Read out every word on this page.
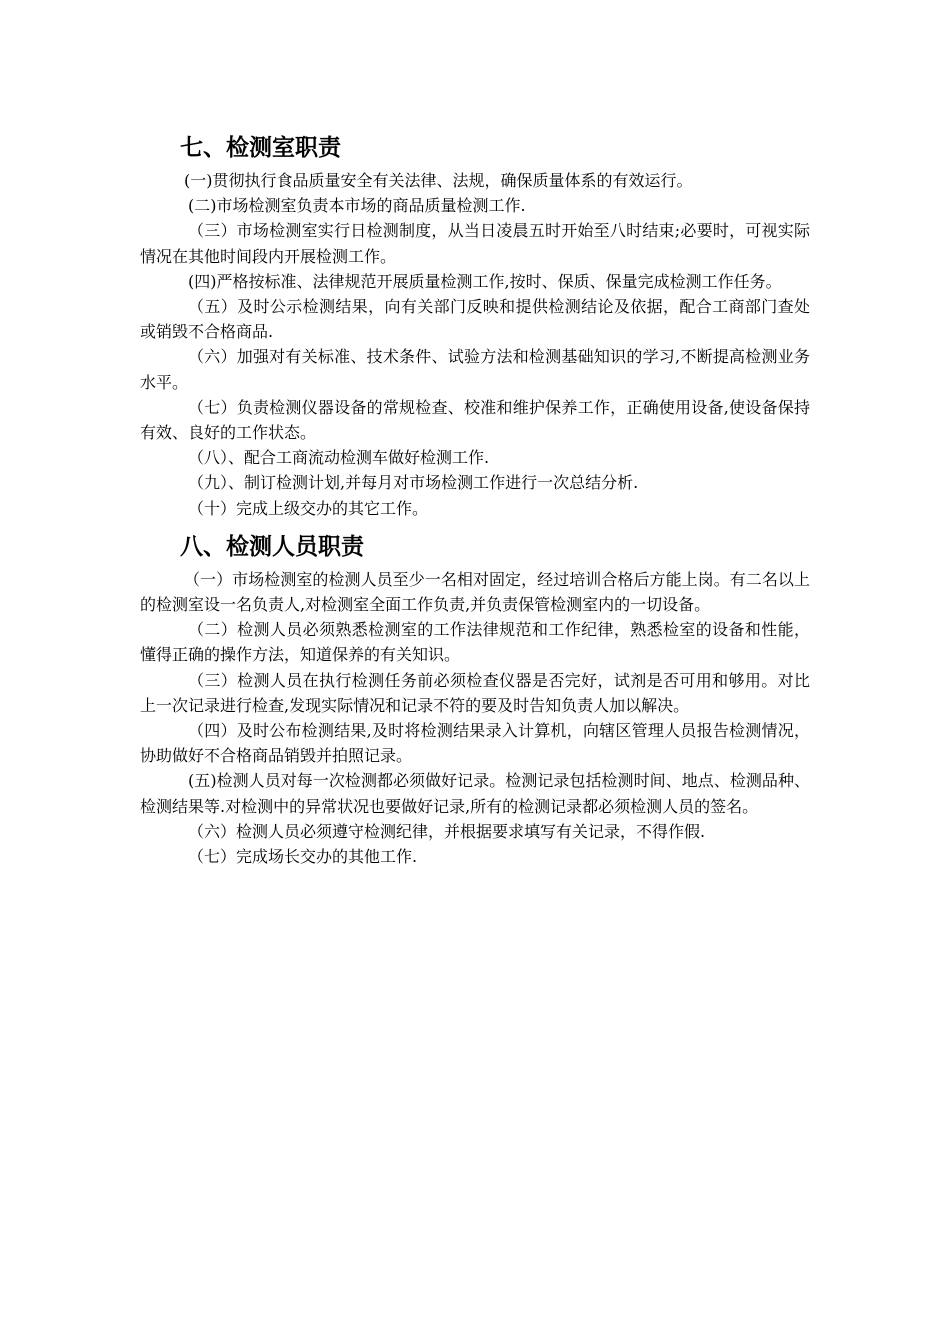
七、检测室职责

(一)贯彻执行食品质量安全有关法律、法规，确保质量体系的有效运行。

(二)市场检测室负责本市场的商品质量检测工作.

（三）市场检测室实行日检测制度，从当日凌晨五时开始至八时结束;必要时，可视实际情况在其他时间段内开展检测工作。

(四)严格按标准、法律规范开展质量检测工作,按时、保质、保量完成检测工作任务。

（五）及时公示检测结果，向有关部门反映和提供检测结论及依据，配合工商部门查处或销毁不合格商品.

（六）加强对有关标准、技术条件、试验方法和检测基础知识的学习,不断提高检测业务水平。

（七）负责检测仪器设备的常规检查、校准和维护保养工作，正确使用设备,使设备保持有效、良好的工作状态。

（八）、配合工商流动检测车做好检测工作.

（九）、制订检测计划,并每月对市场检测工作进行一次总结分析.

（十）完成上级交办的其它工作。

八、检测人员职责

（一）市场检测室的检测人员至少一名相对固定，经过培训合格后方能上岗。有二名以上的检测室设一名负责人,对检测室全面工作负责,并负责保管检测室内的一切设备。

（二）检测人员必须熟悉检测室的工作法律规范和工作纪律，熟悉检室的设备和性能，懂得正确的操作方法，知道保养的有关知识。

（三）检测人员在执行检测任务前必须检查仪器是否完好，试剂是否可用和够用。对比上一次记录进行检查,发现实际情况和记录不符的要及时告知负责人加以解决。

（四）及时公布检测结果,及时将检测结果录入计算机，向辖区管理人员报告检测情况，协助做好不合格商品销毁并拍照记录。

(五)检测人员对每一次检测都必须做好记录。检测记录包括检测时间、地点、检测品种、检测结果等.对检测中的异常状况也要做好记录,所有的检测记录都必须检测人员的签名。

（六）检测人员必须遵守检测纪律，并根据要求填写有关记录，不得作假.

（七）完成场长交办的其他工作.
